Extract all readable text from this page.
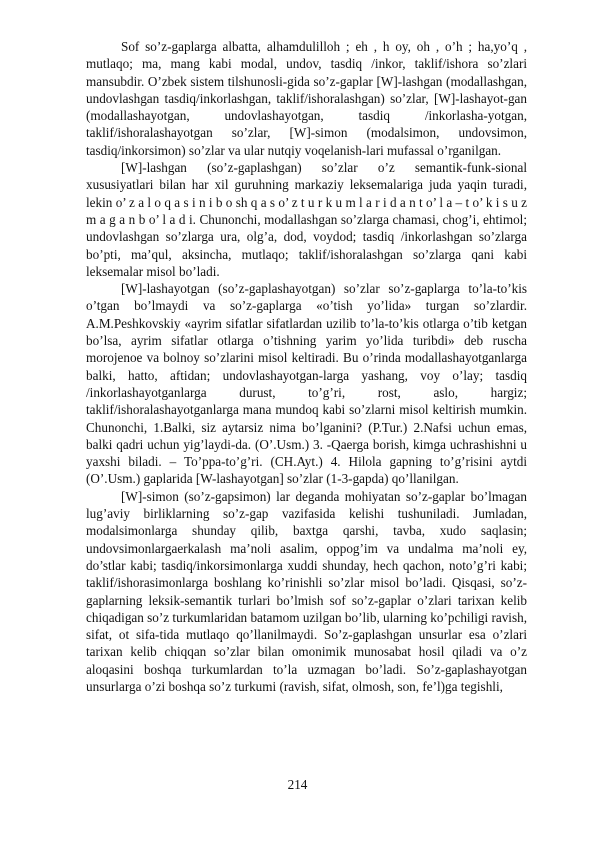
Sof so’z-gaplarga albatta, alhamdulilloh ; eh , h oy, oh , o’h ; ha,yo’q , mutlaqo; ma, mang kabi modal, undov, tasdiq /inkor, taklif/ishora so’zlari mansubdir. O’zbek sistem tilshunosli-gida so’z-gaplar [W]-lashgan (modallashgan, undovlashgan tasdiq/inkorlashgan, taklif/ishoralashgan) so’zlar, [W]-lashayot-gan (modallashayotgan, undovlashayotgan, tasdiq /inkorlasha-yotgan, taklif/ishoralashayotgan so’zlar, [W]-simon (modalsimon, undovsimon, tasdiq/inkorsimon) so’zlar va ular nutqiy voqelanish-lari mufassal o’rganilgan.

[W]-lashgan (so’z-gaplashgan) so’zlar o’z semantik-funk-sional xususiyatlari bilan har xil guruhning markaziy leksemalariga juda yaqin turadi, lekin o’ z a l o q a s i n i b o sh q a s o’ z t u r k u m l a r i d a n t o’ l a – t o’ k i s u z m a g a n b o’ l a d i. Chunonchi, modallashgan so’zlarga chamasi, chog’i, ehtimol; undovlashgan so’zlarga ura, olg’a, dod, voydod; tasdiq /inkorlashgan so’zlarga bo’pti, ma’qul, aksincha, mutlaqo; taklif/ishoralashgan so’zlarga qani kabi leksemalar misol bo’ladi.

[W]-lashayotgan (so’z-gaplashayotgan) so’zlar so’z-gaplarga to’la-to’kis o’tgan bo’lmaydi va so’z-gaplarga «o’tish yo’lida» turgan so’zlardir. A.M.Peshkovskiy «ayrim sifatlar sifatlardan uzilib to’la-to’kis otlarga o’tib ketgan bo’lsa, ayrim sifatlar otlarga o’tishning yarim yo’lida turibdi» deb ruscha morojenoe va bolnoy so’zlarini misol keltiradi. Bu o’rinda modallashayotganlarga balki, hatto, aftidan; undovlashayotgan-larga yashang, voy o’lay; tasdiq /inkorlashayotganlarga durust, to’g’ri, rost, aslo, hargiz; taklif/ishoralashayotganlarga mana mundoq kabi so’zlarni misol keltirish mumkin. Chunonchi, 1.Balki, siz aytarsiz nima bo’lganini? (P.Tur.) 2.Nafsi uchun emas, balki qadri uchun yig’laydi-da. (O’.Usm.) 3. -Qaerga borish, kimga uchrashishni u yaxshi biladi. – To’ppa-to’g’ri. (CH.Ayt.) 4. Hilola gapning to’g’risini aytdi (O’.Usm.) gaplarida [W-lashayotgan] so’zlar (1-3-gapda) qo’llanilgan.

[W]-simon (so’z-gapsimon) lar deganda mohiyatan so’z-gaplar bo’lmagan lug’aviy birliklarning so’z-gap vazifasida kelishi tushuniladi. Jumladan, modalsimonlarga shunday qilib, baxtga qarshi, tavba, xudo saqlasin; undovsimonlargaerkalash ma’noli asalim, oppog’im va undalma ma’noli ey, do’stlar kabi; tasdiq/inkorsimonlarga xuddi shunday, hech qachon, noto’g’ri kabi; taklif/ishorasimonlarga boshlang ko’rinishli so’zlar misol bo’ladi. Qisqasi, so’z-gaplarning leksik-semantik turlari bo’lmish sof so’z-gaplar o’zlari tarixan kelib chiqadigan so’z turkumlaridan batamom uzilgan bo’lib, ularning ko’pchiligi ravish, sifat, ot sifa-tida mutlaqo qo’llanilmaydi. So’z-gaplashgan unsurlar esa o’zlari tarixan kelib chiqqan so’zlar bilan omonimik munosabat hosil qiladi va o’z aloqasini boshqa turkumlardan to’la uzmagan bo’ladi. So’z-gaplashayotgan unsurlarga o’zi boshqa so’z turkumi (ravish, sifat, olmosh, son, fe’l)ga tegishli,

214
